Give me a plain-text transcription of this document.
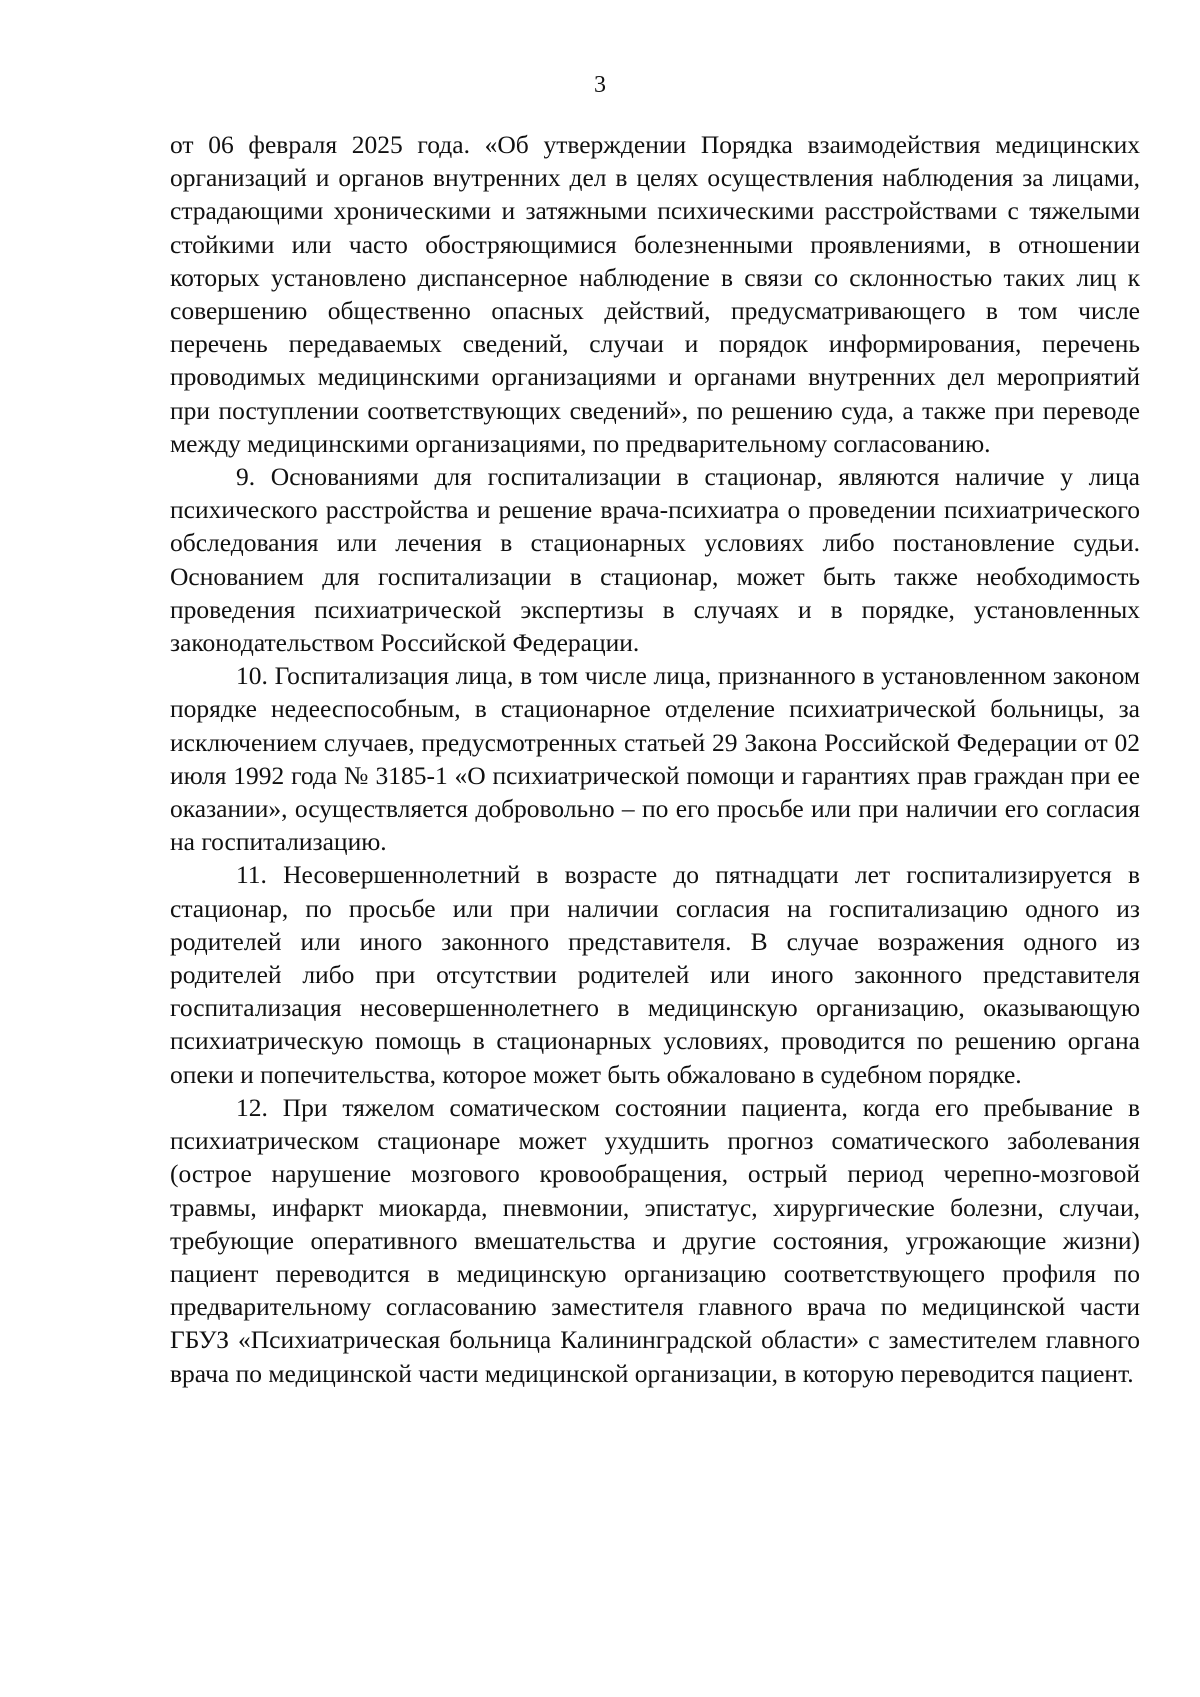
3

от 06 февраля 2025 года. «Об утверждении Порядка взаимодействия медицинских организаций и органов внутренних дел в целях осуществления наблюдения за лицами, страдающими хроническими и затяжными психическими расстройствами с тяжелыми стойкими или часто обостряющимися болезненными проявлениями, в отношении которых установлено диспансерное наблюдение в связи со склонностью таких лиц к совершению общественно опасных действий, предусматривающего в том числе перечень передаваемых сведений, случаи и порядок информирования, перечень проводимых медицинскими организациями и органами внутренних дел мероприятий при поступлении соответствующих сведений», по решению суда, а также при переводе между медицинскими организациями, по предварительному согласованию.

9. Основаниями для госпитализации в стационар, являются наличие у лица психического расстройства и решение врача-психиатра о проведении психиатрического обследования или лечения в стационарных условиях либо постановление судьи. Основанием для госпитализации в стационар, может быть также необходимость проведения психиатрической экспертизы в случаях и в порядке, установленных законодательством Российской Федерации.

10. Госпитализация лица, в том числе лица, признанного в установленном законом порядке недееспособным, в стационарное отделение психиатрической больницы, за исключением случаев, предусмотренных статьей 29 Закона Российской Федерации от 02 июля 1992 года № 3185-1 «О психиатрической помощи и гарантиях прав граждан при ее оказании», осуществляется добровольно – по его просьбе или при наличии его согласия на госпитализацию.

11. Несовершеннолетний в возрасте до пятнадцати лет госпитализируется в стационар, по просьбе или при наличии согласия на госпитализацию одного из родителей или иного законного представителя. В случае возражения одного из родителей либо при отсутствии родителей или иного законного представителя госпитализация несовершеннолетнего в медицинскую организацию, оказывающую психиатрическую помощь в стационарных условиях, проводится по решению органа опеки и попечительства, которое может быть обжаловано в судебном порядке.

12. При тяжелом соматическом состоянии пациента, когда его пребывание в психиатрическом стационаре может ухудшить прогноз соматического заболевания (острое нарушение мозгового кровообращения, острый период черепно-мозговой травмы, инфаркт миокарда, пневмонии, эпистатус, хирургические болезни, случаи, требующие оперативного вмешательства и другие состояния, угрожающие жизни) пациент переводится в медицинскую организацию соответствующего профиля по предварительному согласованию заместителя главного врача по медицинской части ГБУЗ «Психиатрическая больница Калининградской области» с заместителем главного врача по медицинской части медицинской организации, в которую переводится пациент.
